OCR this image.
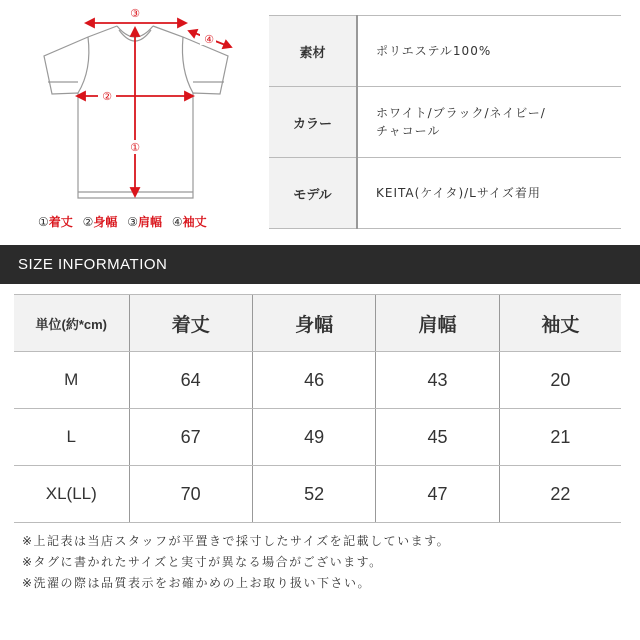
③
④
②
①
①着丈 ②身幅 ③肩幅 ④袖丈
素材	ポリエステル100%
カラー	ホワイト/ブラック/ネイビー/
チャコール

モデル	KEITA(ケイタ)/Lサイズ着用
SIZE INFORMATION
単位(約*cm)	着丈	身幅	肩幅	袖丈
M	64	46	43	20
L	67	49	45	21
XL(LL)	70	52	47	22
※上記表は当店スタッフが平置きで採寸したサイズを記載しています。
※タグに書かれたサイズと実寸が異なる場合がございます。
※洗濯の際は品質表示をお確かめの上お取り扱い下さい。
